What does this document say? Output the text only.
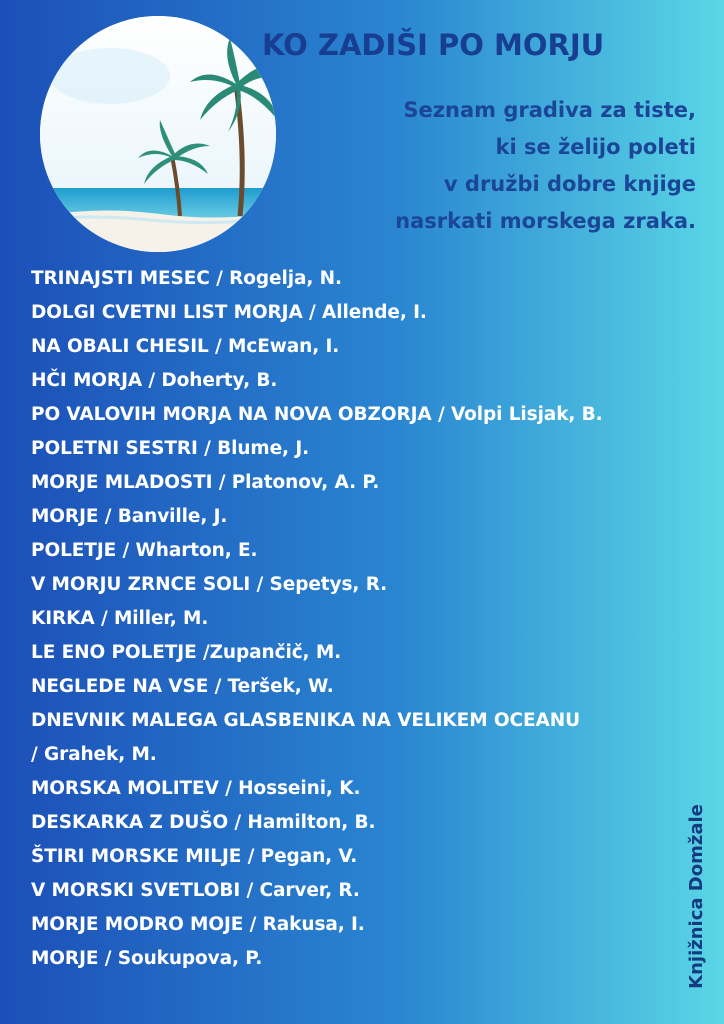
KO ZADIŠI PO MORJU
Seznam gradiva za tiste,
ki se želijo poleti
v družbi dobre knjige
nasrkati morskega zraka.
TRINAJSTI MESEC / Rogelja, N.
DOLGI CVETNI LIST MORJA / Allende, I.
NA OBALI CHESIL / McEwan, I.
HČI MORJA / Doherty, B.
PO VALOVIH MORJA NA NOVA OBZORJA / Volpi Lisjak, B.
POLETNI SESTRI / Blume, J.
MORJE MLADOSTI / Platonov, A. P.
MORJE / Banville, J.
POLETJE / Wharton, E.
V MORJU ZRNCE SOLI / Sepetys, R.
KIRKA / Miller, M.
LE ENO POLETJE /Zupančič, M.
NEGLEDE NA VSE / Teršek, W.
DNEVNIK MALEGA GLASBENIKA NA VELIKEM OCEANU
/ Grahek, M.
MORSKA MOLITEV / Hosseini, K.
DESKARKA Z DUŠO / Hamilton, B.
ŠTIRI MORSKE MILJE / Pegan, V.
V MORSKI SVETLOBI / Carver, R.
MORJE MODRO MOJE / Rakusa, I.
MORJE / Soukupova, P.	Knjižnica Domžale
